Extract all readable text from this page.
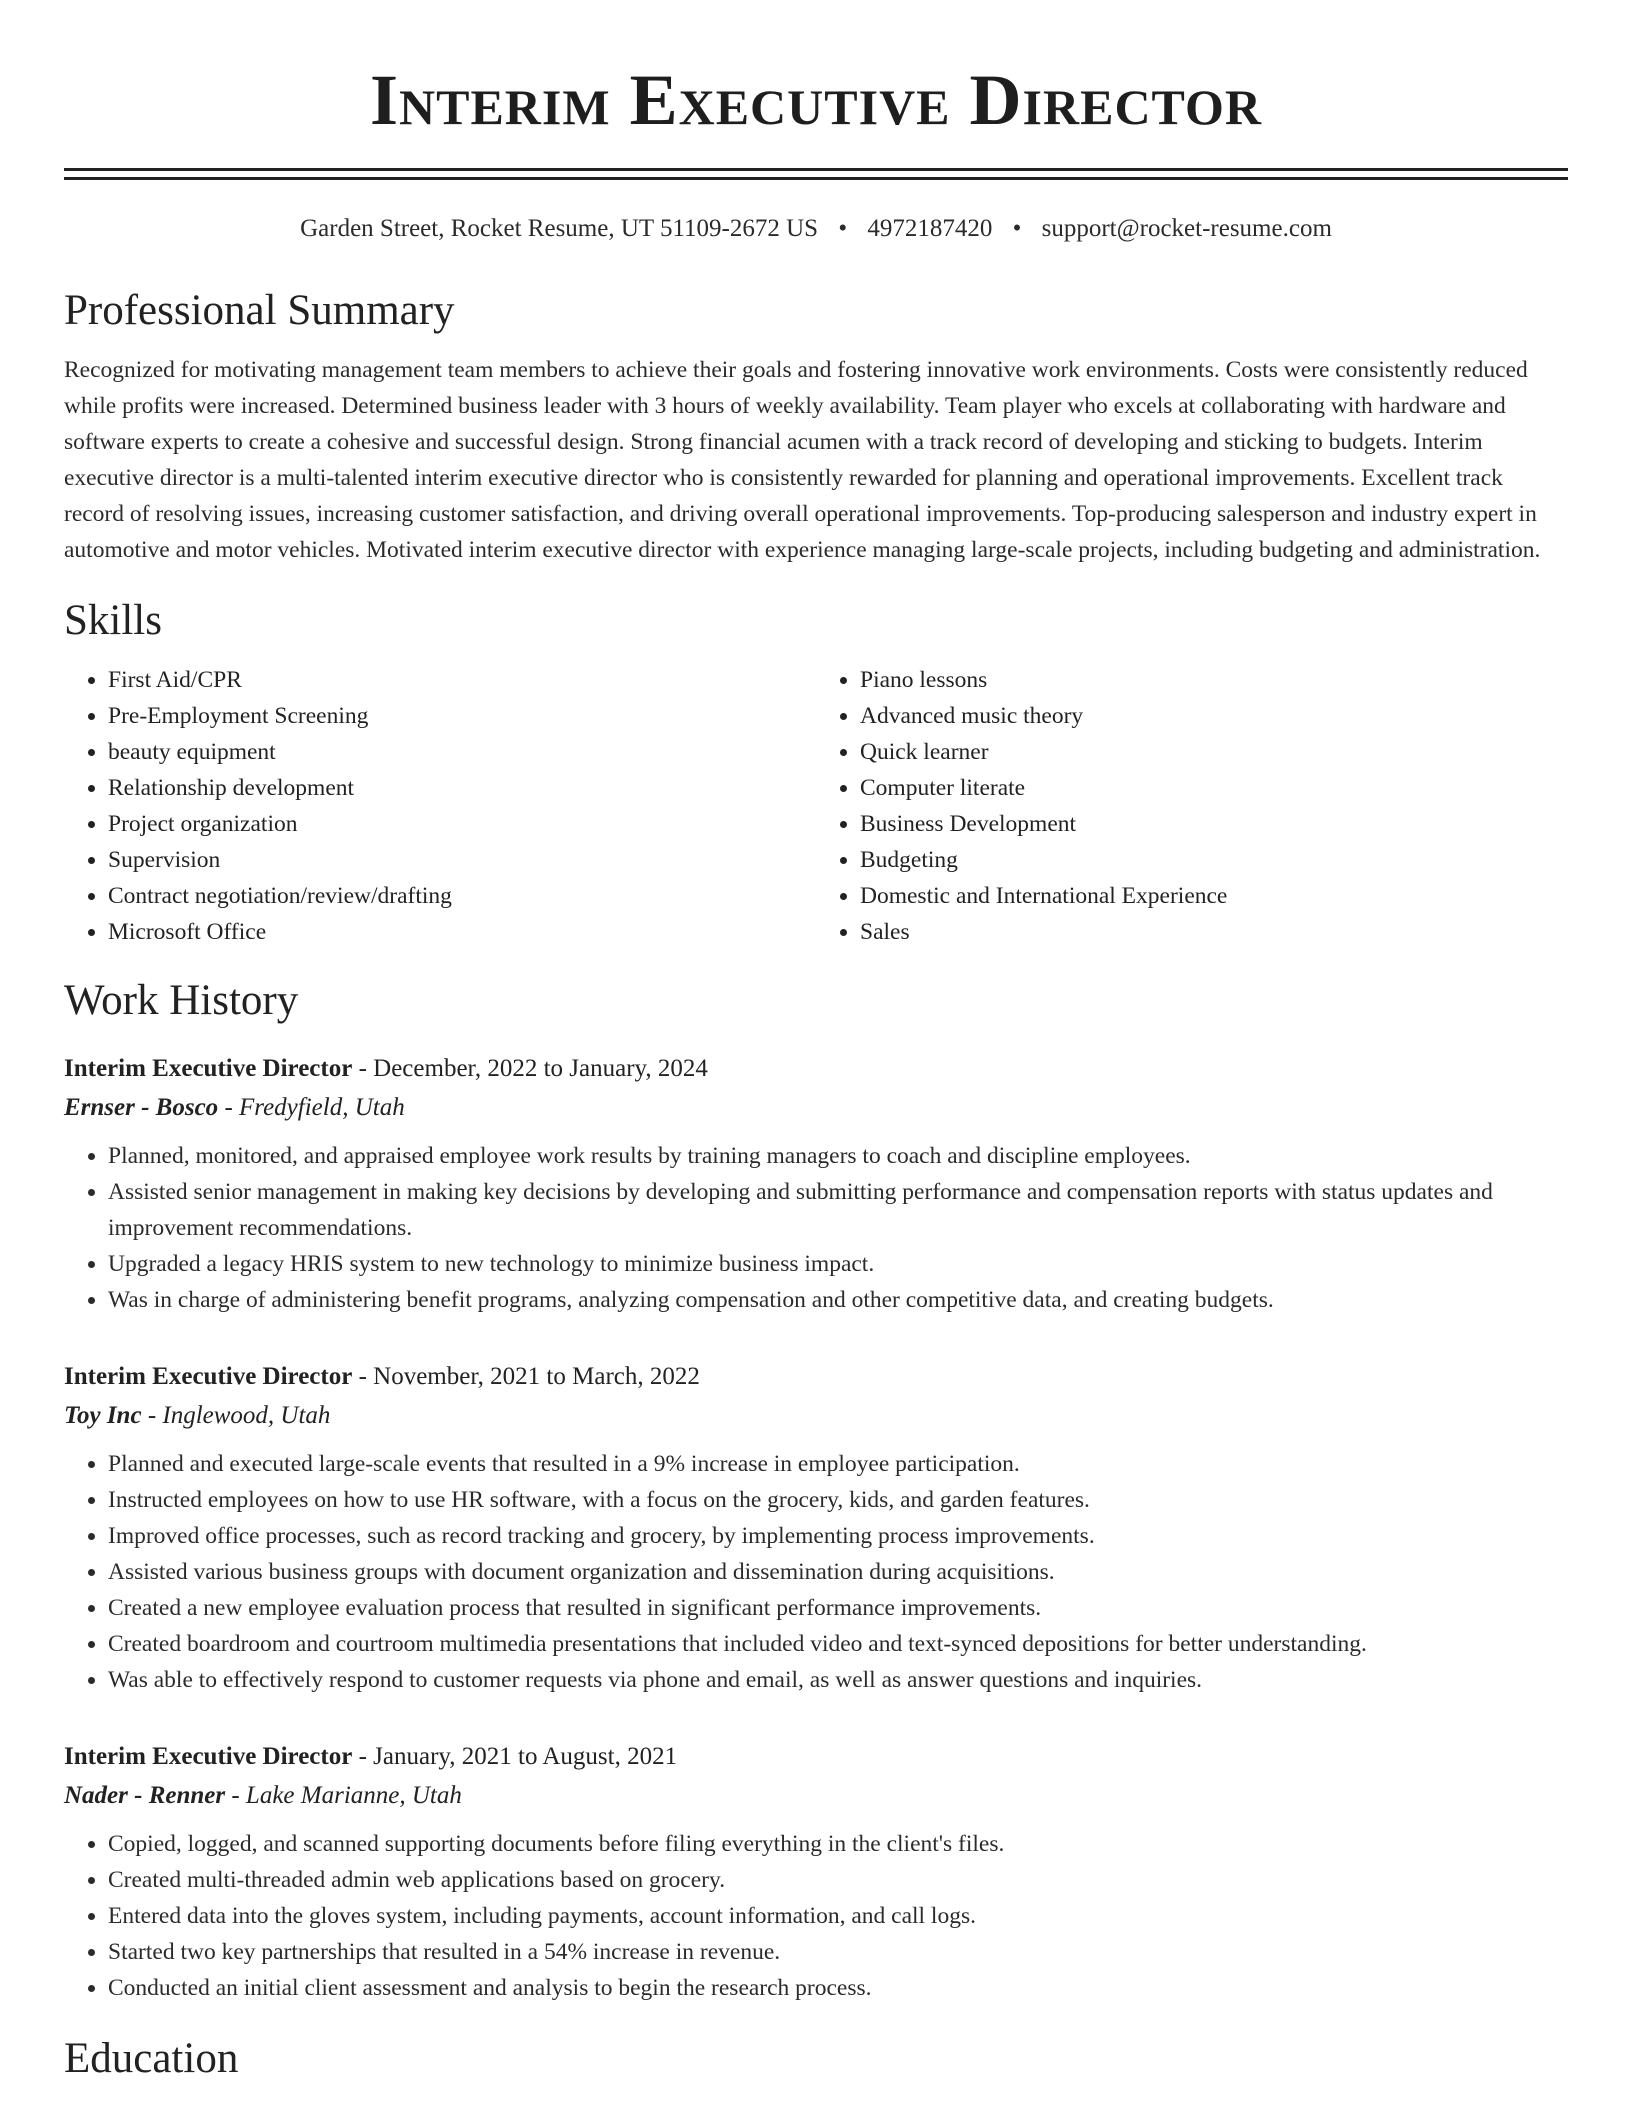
Interim Executive Director
Garden Street, Rocket Resume, UT 51109-2672 US • 4972187420 • support@rocket-resume.com
Professional Summary

Recognized for motivating management team members to achieve their goals and fostering innovative work environments. Costs were consistently reduced while profits were increased. Determined business leader with 3 hours of weekly availability. Team player who excels at collaborating with hardware and software experts to create a cohesive and successful design. Strong financial acumen with a track record of developing and sticking to budgets. Interim executive director is a multi-talented interim executive director who is consistently rewarded for planning and operational improvements. Excellent track record of resolving issues, increasing customer satisfaction, and driving overall operational improvements. Top-producing salesperson and industry expert in automotive and motor vehicles. Motivated interim executive director with experience managing large-scale projects, including budgeting and administration.

Skills
• First Aid/CPR
• Pre-Employment Screening
• beauty equipment
• Relationship development
• Project organization
• Supervision
• Contract negotiation/review/drafting
• Microsoft Office
• Piano lessons
• Advanced music theory
• Quick learner
• Computer literate
• Business Development
• Budgeting
• Domestic and International Experience
• Sales
Work History
Interim Executive Director - December, 2022 to January, 2024
Ernser - Bosco - Fredyfield, Utah
• Planned, monitored, and appraised employee work results by training managers to coach and discipline employees.
• Assisted senior management in making key decisions by developing and submitting performance and compensation reports with status updates and improvement recommendations.
• Upgraded a legacy HRIS system to new technology to minimize business impact.
• Was in charge of administering benefit programs, analyzing compensation and other competitive data, and creating budgets.
Interim Executive Director - November, 2021 to March, 2022
Toy Inc - Inglewood, Utah
• Planned and executed large-scale events that resulted in a 9% increase in employee participation.
• Instructed employees on how to use HR software, with a focus on the grocery, kids, and garden features.
• Improved office processes, such as record tracking and grocery, by implementing process improvements.
• Assisted various business groups with document organization and dissemination during acquisitions.
• Created a new employee evaluation process that resulted in significant performance improvements.
• Created boardroom and courtroom multimedia presentations that included video and text-synced depositions for better understanding.
• Was able to effectively respond to customer requests via phone and email, as well as answer questions and inquiries.
Interim Executive Director - January, 2021 to August, 2021
Nader - Renner - Lake Marianne, Utah
• Copied, logged, and scanned supporting documents before filing everything in the client's files.
• Created multi-threaded admin web applications based on grocery.
• Entered data into the gloves system, including payments, account information, and call logs.
• Started two key partnerships that resulted in a 54% increase in revenue.
• Conducted an initial client assessment and analysis to begin the research process.
Education
